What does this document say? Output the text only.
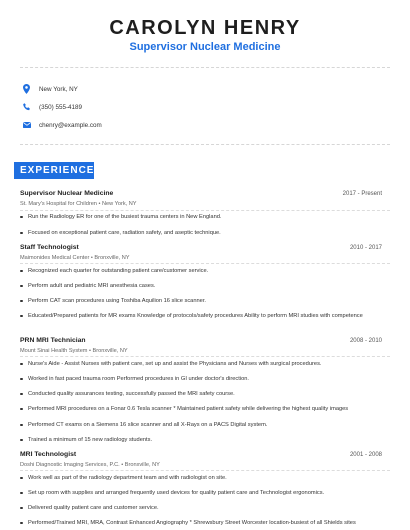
CAROLYN HENRY
Supervisor Nuclear Medicine
New York, NY
(350) 555-4189
chenry@example.com
EXPERIENCE
Supervisor Nuclear Medicine	2017 - Present
St. Mary's Hospital for Children • New York, NY
Run the Radiology ER for one of the busiest trauma centers in New England.
Focused on exceptional patient care, radiation safety, and aseptic technique.
Staff Technologist	2010 - 2017
Maimonides Medical Center • Bronxville, NY
Recognized each quarter for outstanding patient care/customer service.
Perform adult and pediatric MRI anesthesia cases.
Perform CAT scan procedures using Toshiba Aquilion 16 slice scanner.
Educated/Prepared patients for MR exams Knowledge of protocols/safety procedures Ability to perform MRI studies with competence
PRN MRI Technician	2008 - 2010
Mount Sinai Health System • Bronxville, NY
Nurse's Aide - Assist Nurses with patient care, set up and assist the Physicians and Nurses with surgical procedures.
Worked in fast paced trauma room Performed procedures in GI under doctor's direction.
Conducted quality assurances testing, successfully passed the MRI safety course.
Performed MRI procedures on a Fonar 0.6 Tesla scanner * Maintained patient safety while delivering the highest quality images
Performed CT exams on a Siemens 16 slice scanner and all X-Rays on a PACS Digital system.
Trained a minimum of 15 new radiology students.
MRI Technologist	2001 - 2008
Doshi Diagnostic Imaging Services, P.C. • Bronxville, NY
Work well as part of the radiology department team and with radiologist on site.
Set up room with supplies and arranged frequently used devices for quality patient care and Technologist ergonomics.
Delivered quality patient care and customer service.
Performed/Trained MRI, MRA, Contrast Enhanced Angiography * Shrewsbury Street Worcester location-busiest of all Shields sites
